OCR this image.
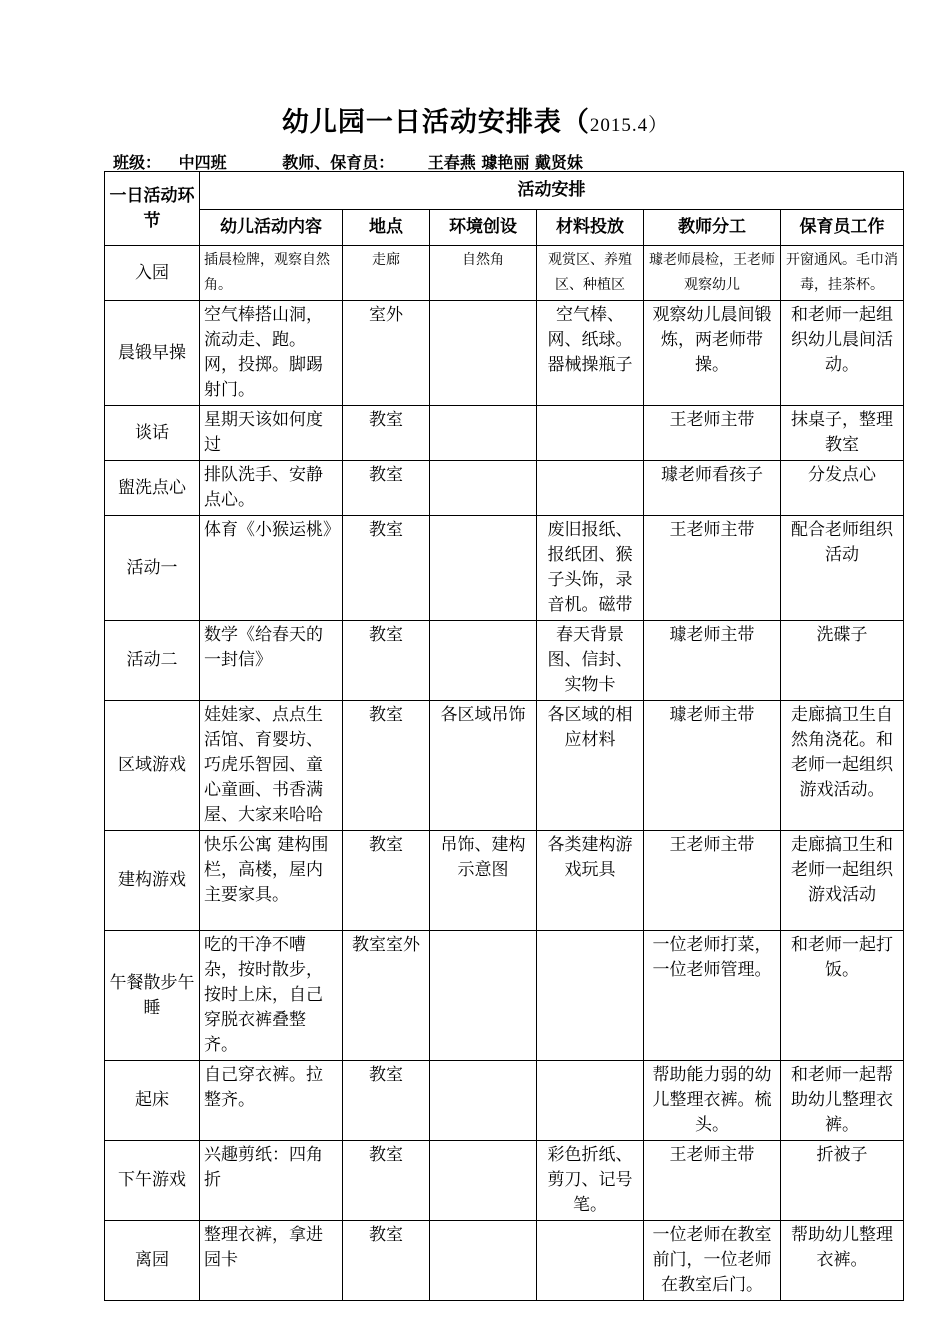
幼儿园一日活动安排表（2015.4）
班级： 中四班	教师、保育员： 王春燕 璩艳丽 戴贤妹
一日活动环节	活动安排					
	幼儿活动内容	地点	环境创设	材料投放	教师分工	保育员工作
入园	插晨检牌，观察自然角。	走廊	自然角	观赏区、养殖区、种植区	璩老师晨检，王老师观察幼儿	开窗通风。毛巾消毒，挂茶杯。
晨锻早操	空气棒搭山洞，流动走、跑。网，投掷。脚踢射门。	室外		空气棒、网、纸球。器械操瓶子	观察幼儿晨间锻炼，两老师带操。	和老师一起组织幼儿晨间活动。
谈话	星期天该如何度过	教室			王老师主带	抹桌子，整理教室
盥洗点心	排队洗手、安静点心。	教室			璩老师看孩子	分发点心
活动一	体育《小猴运桃》	教室		废旧报纸、报纸团、猴子头饰，录音机。磁带	王老师主带	配合老师组织活动
活动二	数学《给春天的一封信》	教室		春天背景图、信封、实物卡	璩老师主带	洗碟子
区域游戏	娃娃家、点点生活馆、育婴坊、巧虎乐智园、童心童画、书香满屋、大家来哈哈	教室	各区域吊饰	各区域的相应材料	璩老师主带	走廊搞卫生自然角浇花。和老师一起组织游戏活动。
建构游戏	快乐公寓 建构围栏，高楼，屋内主要家具。	教室	吊饰、建构示意图	各类建构游戏玩具	王老师主带	走廊搞卫生和老师一起组织游戏活动
午餐散步午睡	吃的干净不嘈杂，按时散步，按时上床，自己穿脱衣裤叠整齐。	教室室外			一位老师打菜，一位老师管理。	和老师一起打饭。
起床	自己穿衣裤。拉整齐。	教室			帮助能力弱的幼儿整理衣裤。梳头。	和老师一起帮助幼儿整理衣裤。
下午游戏	兴趣剪纸：四角折	教室		彩色折纸、剪刀、记号笔。	王老师主带	折被子
离园	整理衣裤，拿进园卡	教室			一位老师在教室前门，一位老师在教室后门。	帮助幼儿整理衣裤。
